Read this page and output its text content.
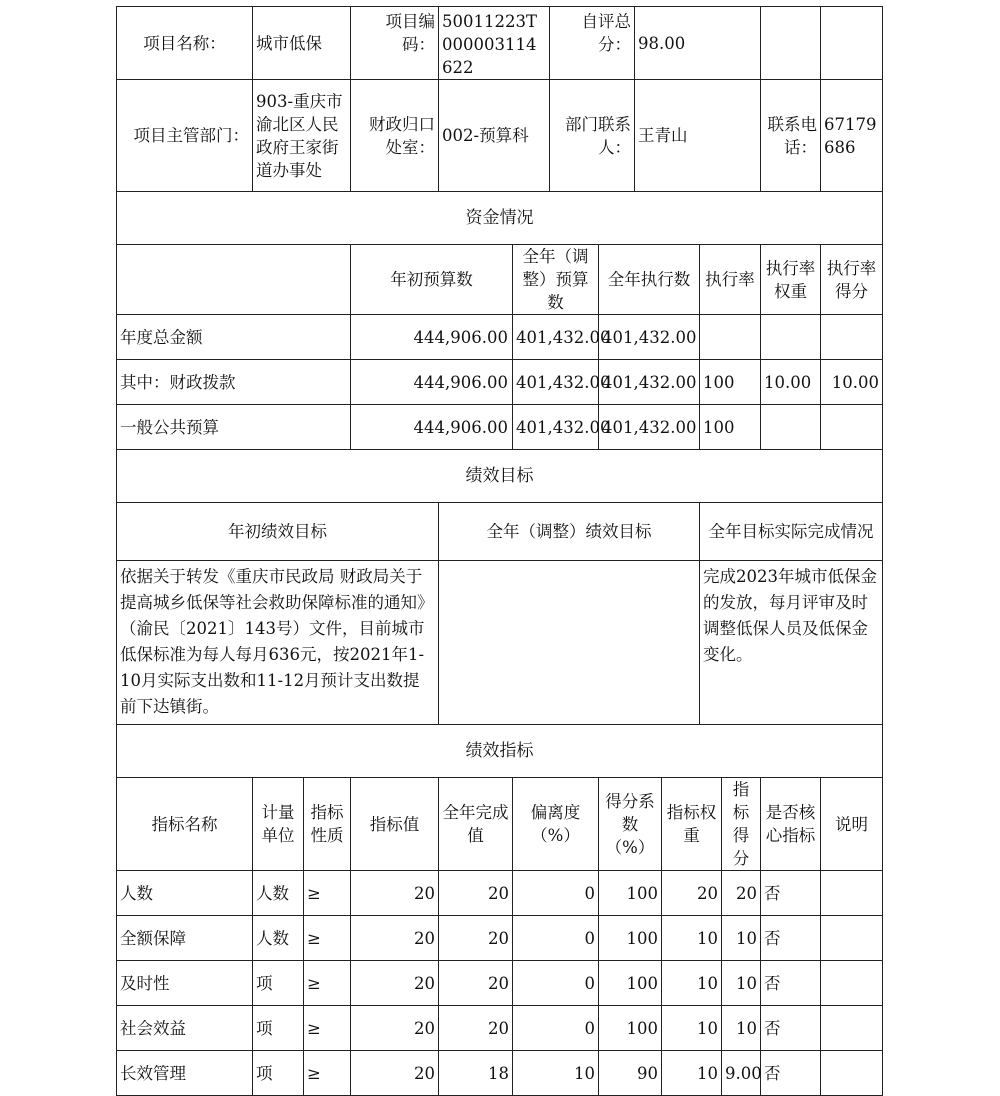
项目名称：	城市低保		项目编码：	50011223T000003114622		自评总分：		98.00					
项目主管部门：	903-重庆市渝北区人民政府王家街道办事处		财政归口处室：	002-预算科		部门联系人：		王青山				联系电话：	67179686
资金情况													
			年初预算数		全年（调整）预算数		全年执行数			执行率		执行率权重	执行率得分
年度总金额			444,906.00		401,432.00		401,432.00						
其中：财政拨款			444,906.00		401,432.00		401,432.00			100		10.00	10.00
一般公共预算			444,906.00		401,432.00		401,432.00			100			
绩效目标													
年初绩效目标				全年（调整）绩效目标						全年目标实际完成情况			
依据关于转发《重庆市民政局 财政局关于提高城乡低保等社会救助保障标准的通知》（渝民〔2021〕143号）文件，目前城市低保标准为每人每月636元，按2021年1-10月实际支出数和11-12月预计支出数提前下达镇街。										完成2023年城市低保金的发放，每月评审及时调整低保人员及低保金变化。			
绩效指标													
指标名称	计量单位	指标性质	指标值	全年完成值	偏离度（%）		得分系数（%）		指标权重		指标得分	是否核心指标	说明
人数	人数	≥	20	20	0		100		20		20	否	
全额保障	人数	≥	20	20	0		100		10		10	否	
及时性	项	≥	20	20	0		100		10		10	否	
社会效益	项	≥	20	20	0		100		10		10	否	
长效管理	项	≥	20	18	10		90		10		9.00	否	
